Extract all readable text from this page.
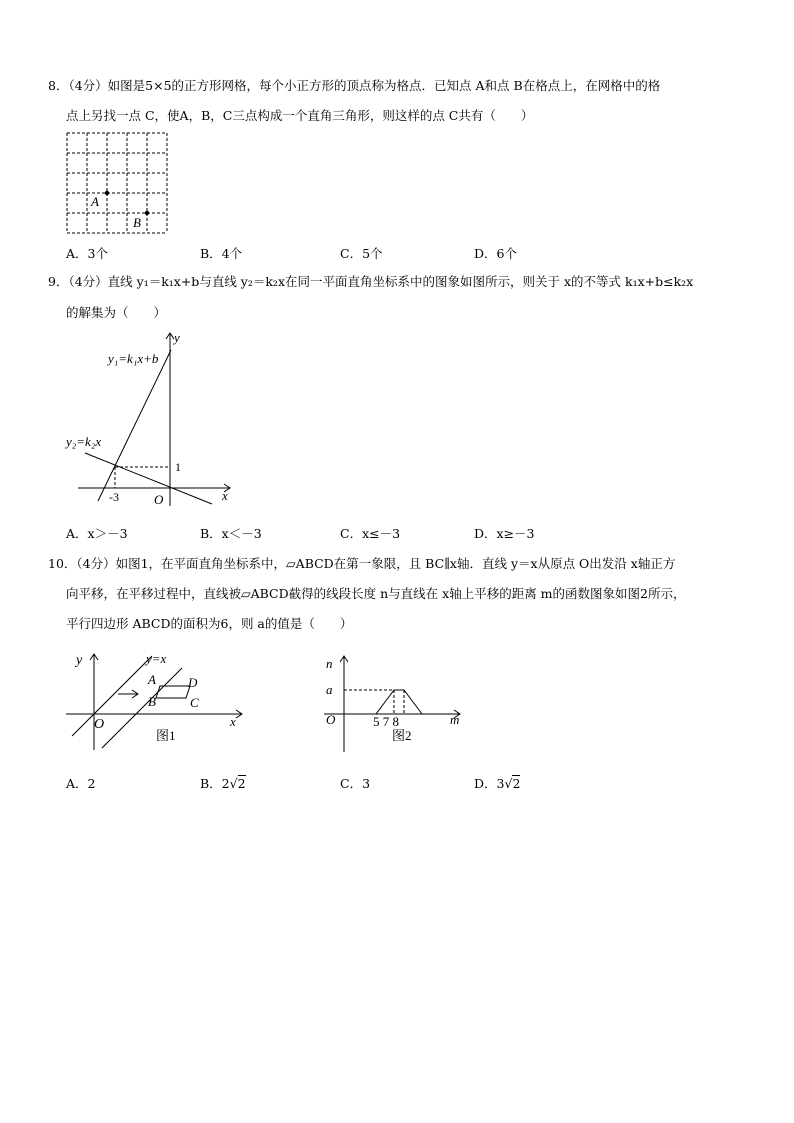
8．（4分）如图是5×5的正方形网格，每个小正方形的顶点称为格点．已知点 A和点 B在格点上，在网格中的格
点上另找一点 C，使A，B，C三点构成一个直角三角形，则这样的点 C共有（　　）
A
B
A．3个	B．4个	C．5个	D．6个
9．（4分）直线 y₁＝k₁x+b与直线 y₂＝k₂x在同一平面直角坐标系中的图象如图所示，则关于 x的不等式 k₁x+b≤k₂x
的解集为（　　）
y
x
y₁=k₁x+b
y₂=k₂x
1
-3	O
A．x＞－3	B．x＜－3	C．x≤－3	D．x≥－3
10．（4分）如图1，在平面直角坐标系中，▱ABCD在第一象限，且 BC∥x轴．直线 y＝x从原点 O出发沿 x轴正方
向平移，在平移过程中，直线被▱ABCD截得的线段长度 n与直线在 x轴上平移的距离 m的函数图象如图2所示，
平行四边形 ABCD的面积为6，则 a的值是（　　）
y
x
y=x
O
A D
B	C
图1
n
m
a
O	5 7 8
图2
A．2	B．2√2	C．3	D．3√2
